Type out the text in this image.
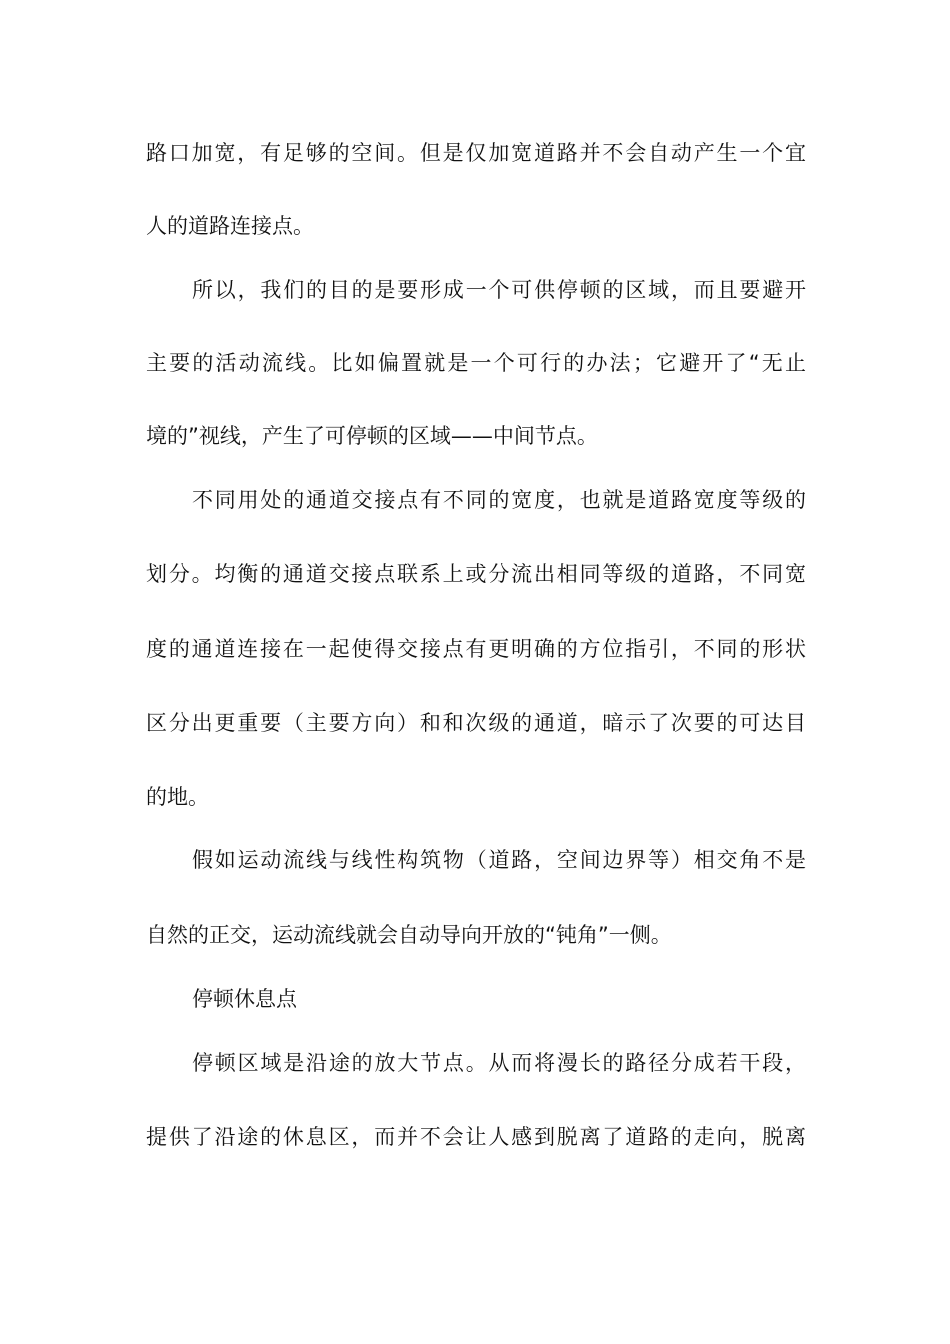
路口加宽，有足够的空间。但是仅加宽道路并不会自动产生一个宜
人的道路连接点。
所以，我们的目的是要形成一个可供停顿的区域，而且要避开
主要的活动流线。比如偏置就是一个可行的办法；它避开了“无止
境的”视线，产生了可停顿的区域——中间节点。
不同用处的通道交接点有不同的宽度，也就是道路宽度等级的
划分。均衡的通道交接点联系上或分流出相同等级的道路，不同宽
度的通道连接在一起使得交接点有更明确的方位指引，不同的形状
区分出更重要（主要方向）和和次级的通道，暗示了次要的可达目
的地。
假如运动流线与线性构筑物（道路，空间边界等）相交角不是
自然的正交，运动流线就会自动导向开放的“钝角”一侧。
停顿休息点
停顿区域是沿途的放大节点。从而将漫长的路径分成若干段，
提供了沿途的休息区，而并不会让人感到脱离了道路的走向，脱离
